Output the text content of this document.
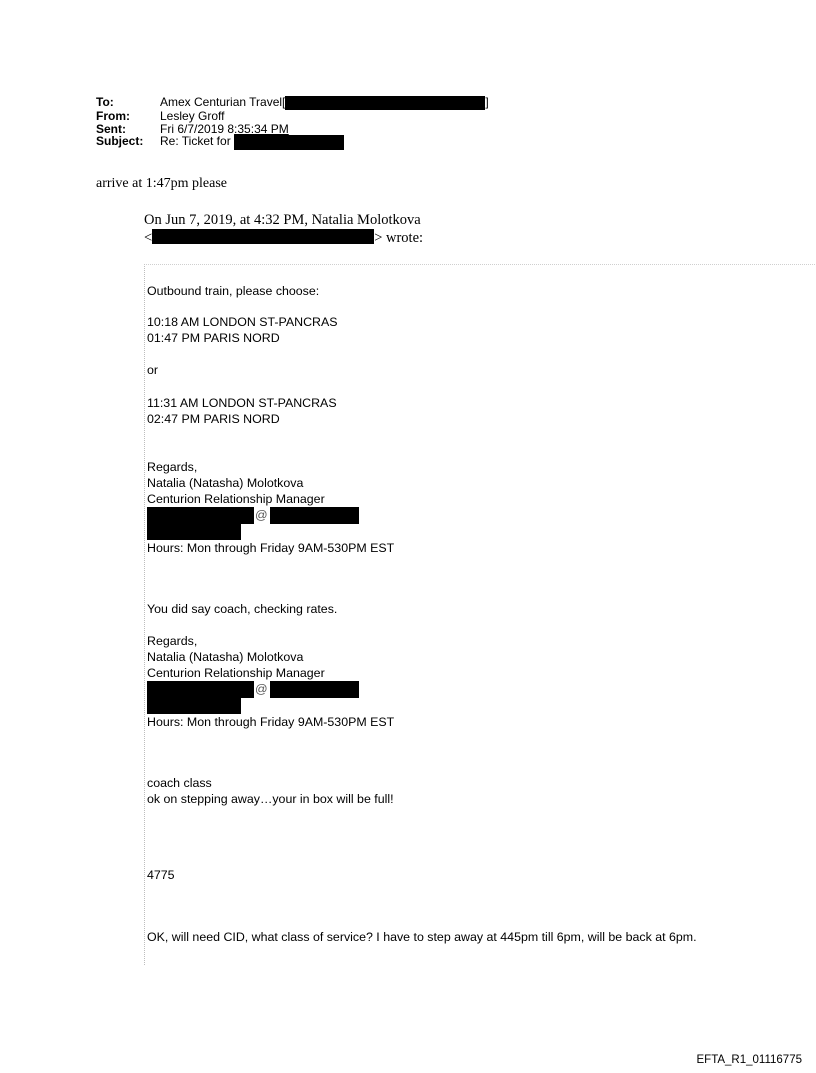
To:	Amex Centurian Travel[	]
From:	Lesley Groff
Sent:	Fri 6/7/2019 8:35:34 PM
Subject:	Re: Ticket for
arrive at 1:47pm please
On Jun 7, 2019, at 4:32 PM, Natalia Molotkova
<	> wrote:
Outbound train, please choose:
10:18 AM LONDON ST-PANCRAS
01:47 PM PARIS NORD
or
11:31 AM LONDON ST-PANCRAS
02:47 PM PARIS NORD
Regards,
Natalia (Natasha) Molotkova
Centurion Relationship Manager
@
Hours: Mon through Friday 9AM-530PM EST
You did say coach, checking rates.
Regards,
Natalia (Natasha) Molotkova
Centurion Relationship Manager
@
Hours: Mon through Friday 9AM-530PM EST
coach class
ok on stepping away…your in box will be full!
4775
OK, will need CID, what class of service? I have to step away at 445pm till 6pm, will be back at 6pm.
EFTA_R1_01116775
